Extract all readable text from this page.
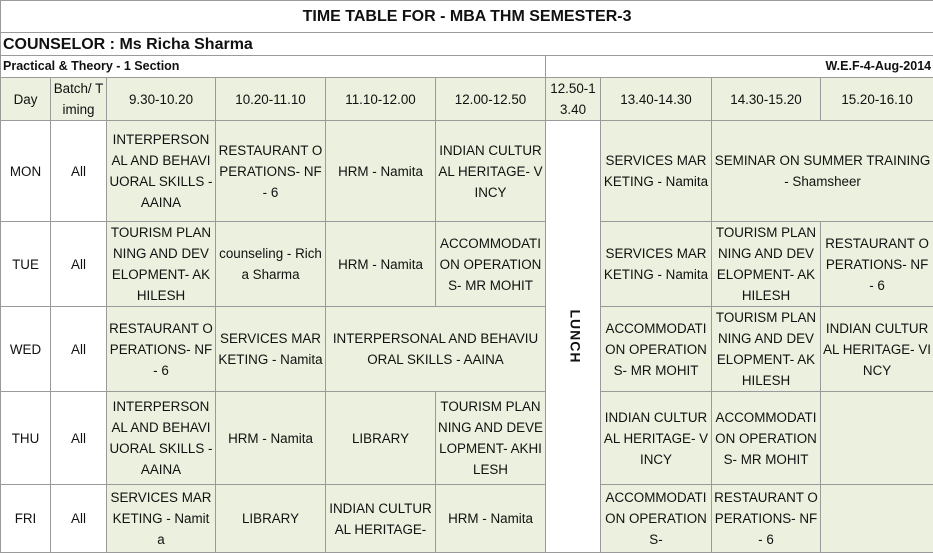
TIME TABLE FOR - MBA THM SEMESTER-3									
COUNSELOR : Ms Richa Sharma									
Practical & Theory - 1 Section						W.E.F-4-Aug-2014			
Day	Batch/ Timing	9.30-10.20	10.20-11.10	11.10-12.00	12.00-12.50	12.50-13.40	13.40-14.30	14.30-15.20	15.20-16.10
MON	All	INTERPERSONAL AND BEHAVIUORAL SKILLS - AAINA	RESTAURANT OPERATIONS- NF - 6	HRM - Namita	INDIAN CULTURAL HERITAGE- VINCY	LUNCH	SERVICES MARKETING - Namita	SEMINAR ON SUMMER TRAINING - Shamsheer	
TUE	All	TOURISM PLANNING AND DEVELOPMENT- AKHILESH	counseling - Richa Sharma	HRM - Namita	ACCOMMODATION OPERATIONS- MR MOHIT		SERVICES MARKETING - Namita	TOURISM PLANNING AND DEVELOPMENT- AKHILESH	RESTAURANT OPERATIONS- NF - 6
WED	All	RESTAURANT OPERATIONS- NF - 6	SERVICES MARKETING - Namita	INTERPERSONAL AND BEHAVIUORAL SKILLS - AAINA			ACCOMMODATION OPERATIONS- MR MOHIT	TOURISM PLANNING AND DEVELOPMENT- AKHILESH	INDIAN CULTURAL HERITAGE- VINCY
THU	All	INTERPERSONAL AND BEHAVIUORAL SKILLS - AAINA	HRM - Namita	LIBRARY	TOURISM PLANNING AND DEVELOPMENT- AKHILESH		INDIAN CULTURAL HERITAGE- VINCY	ACCOMMODATION OPERATIONS- MR MOHIT	
FRI	All	SERVICES MARKETING - Namita	LIBRARY	INDIAN CULTURAL HERITAGE-	HRM - Namita		ACCOMMODATION OPERATIONS-	RESTAURANT OPERATIONS- NF - 6	
